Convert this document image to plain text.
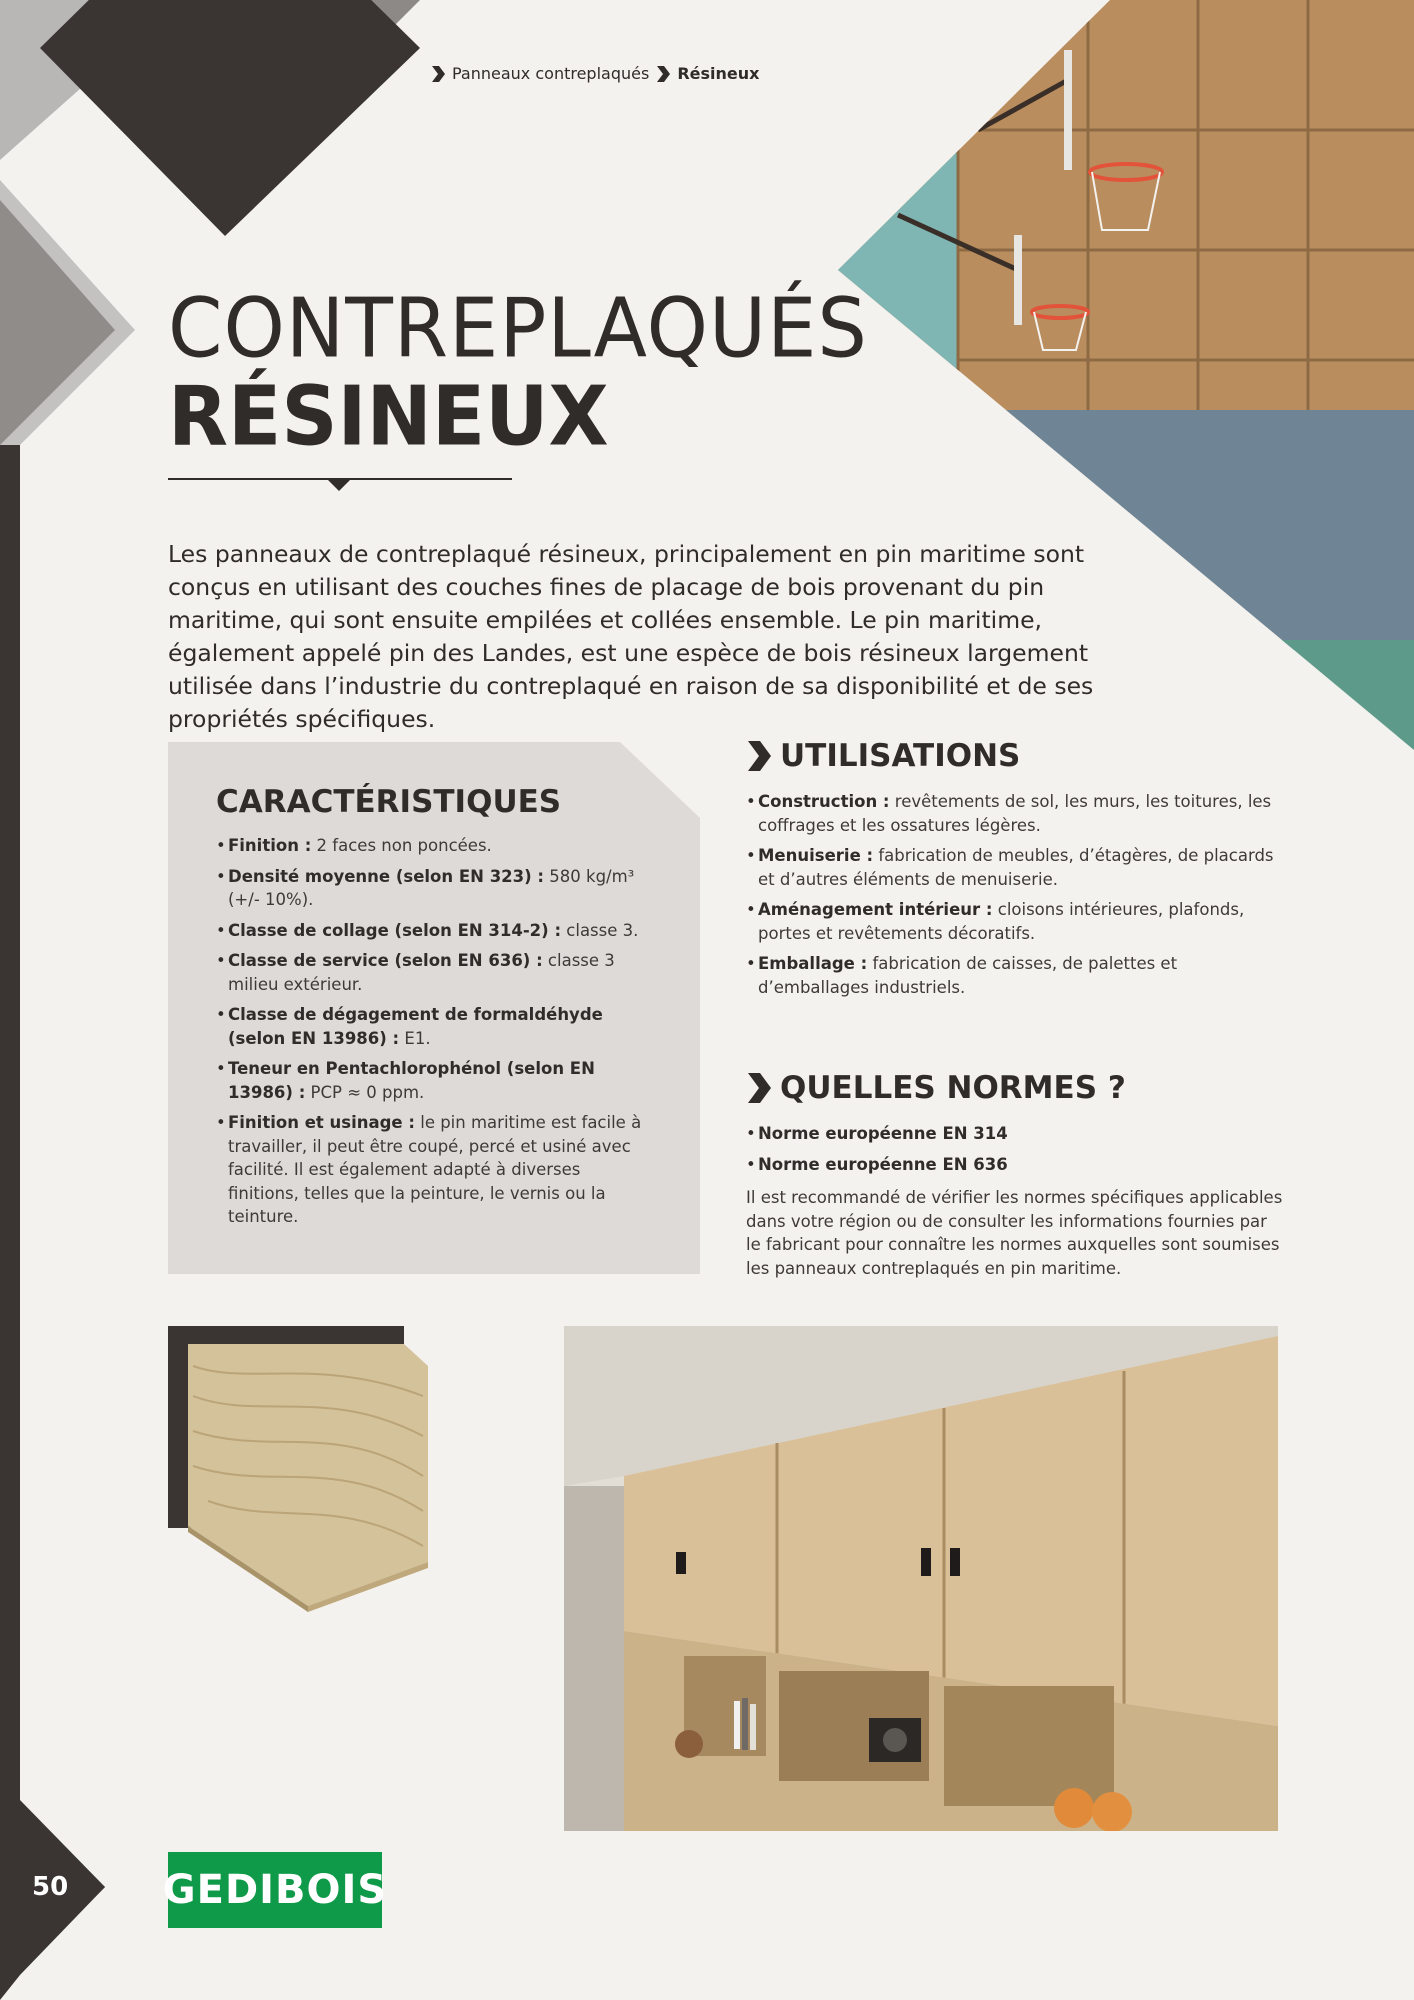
Panneaux contreplaqués Résineux
CONTREPLAQUÉS
RÉSINEUX
Les panneaux de contreplaqué résineux, principalement en pin maritime sont conçus en utilisant des couches fines de placage de bois provenant du pin maritime, qui sont ensuite empilées et collées ensemble. Le pin maritime, également appelé pin des Landes, est une espèce de bois résineux largement utilisée dans l’industrie du contreplaqué en raison de sa disponibilité et de ses propriétés spécifiques.
CARACTÉRISTIQUES
• Finition : 2 faces non poncées.
• Densité moyenne (selon EN 323) : 580 kg/m³ (+/- 10%).
• Classe de collage (selon EN 314-2) : classe 3.
• Classe de service (selon EN 636) : classe 3 milieu extérieur.
• Classe de dégagement de formaldéhyde (selon EN 13986) : E1.
• Teneur en Pentachlorophénol (selon EN 13986) : PCP ≈ 0 ppm.
• Finition et usinage : le pin maritime est facile à travailler, il peut être coupé, percé et usiné avec facilité. Il est également adapté à diverses finitions, telles que la peinture, le vernis ou la teinture.
UTILISATIONS
• Construction : revêtements de sol, les murs, les toitures, les coffrages et les ossatures légères.
• Menuiserie : fabrication de meubles, d’étagères, de placards et d’autres éléments de menuiserie.
• Aménagement intérieur : cloisons intérieures, plafonds, portes et revêtements décoratifs.
• Emballage : fabrication de caisses, de palettes et d’emballages industriels.
QUELLES NORMES ?
• Norme européenne EN 314
• Norme européenne EN 636
Il est recommandé de vérifier les normes spécifiques applicables dans votre région ou de consulter les informations fournies par le fabricant pour connaître les normes auxquelles sont soumises les panneaux contreplaqués en pin maritime.
GEDIBOIS
50
